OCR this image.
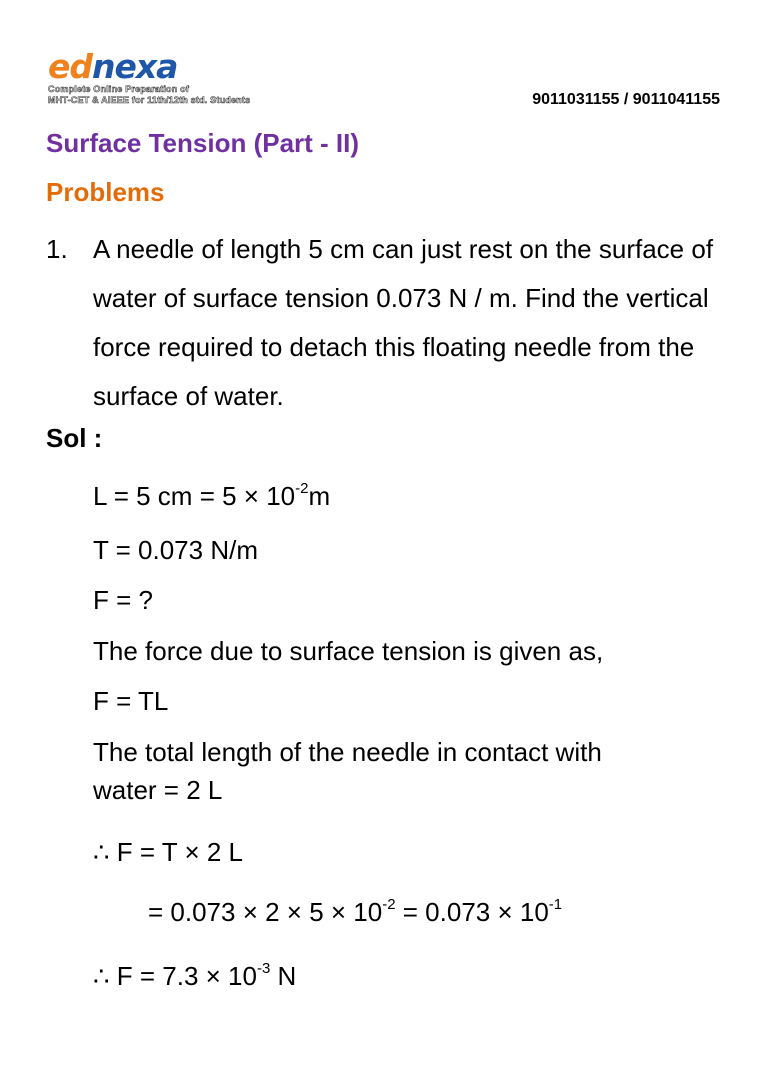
ednexa
Complete Online Preparation of
MHT-CET & AIEEE for 11th/12th std. Students	9011031155 / 9011041155
Surface Tension (Part - II)
Problems
1. A needle of length 5 cm can just rest on the surface of water of surface tension 0.073 N / m. Find the vertical force required to detach this floating needle from the surface of water.
Sol :
L = 5 cm = $5 \times 10^{-2}m$
T = 0.073 N/m
F = ?
The force due to surface tension is given as,
F = TL
The total length of the needle in contact with
water = 2 L
∴ F = T × 2 L
= $0.073 \times 2 \times 5 \times 10^{-2} = 0.073 \times 10^{-1}$
∴ $F = 7.3 \times 10^{-3}$ N
